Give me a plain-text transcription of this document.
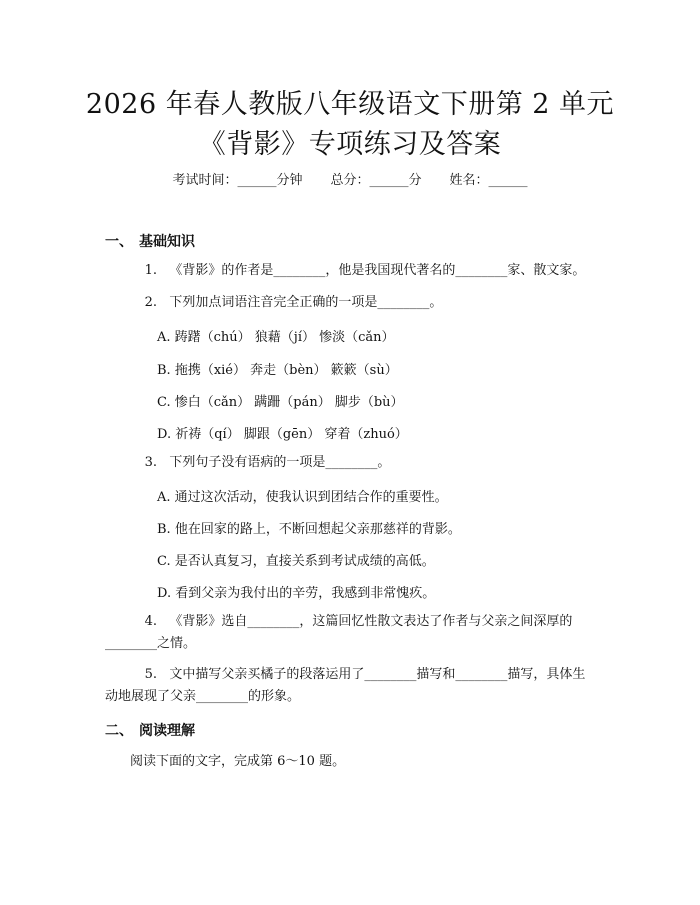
2026 年春人教版八年级语文下册第 2 单元
《背影》专项练习及答案
考试时间：______分钟 总分：______分 姓名：______
一、 基础知识
1. 《背影》的作者是________，他是我国现代著名的________家、散文家。
2. 下列加点词语注音完全正确的一项是________。
A. 踌躇（chú） 狼藉（jí） 惨淡（cǎn）
B. 拖携（xié） 奔走（bèn） 簌簌（sù）
C. 惨白（cǎn） 蹒跚（pán） 脚步（bù）
D. 祈祷（qí） 脚跟（gēn） 穿着（zhuó）
3. 下列句子没有语病的一项是________。
A. 通过这次活动，使我认识到团结合作的重要性。
B. 他在回家的路上，不断回想起父亲那慈祥的背影。
C. 是否认真复习，直接关系到考试成绩的高低。
D. 看到父亲为我付出的辛劳，我感到非常愧疚。
4. 《背影》选自________，这篇回忆性散文表达了作者与父亲之间深厚的
________之情。
5. 文中描写父亲买橘子的段落运用了________描写和________描写，具体生
动地展现了父亲________的形象。
二、 阅读理解
阅读下面的文字，完成第 6～10 题。
